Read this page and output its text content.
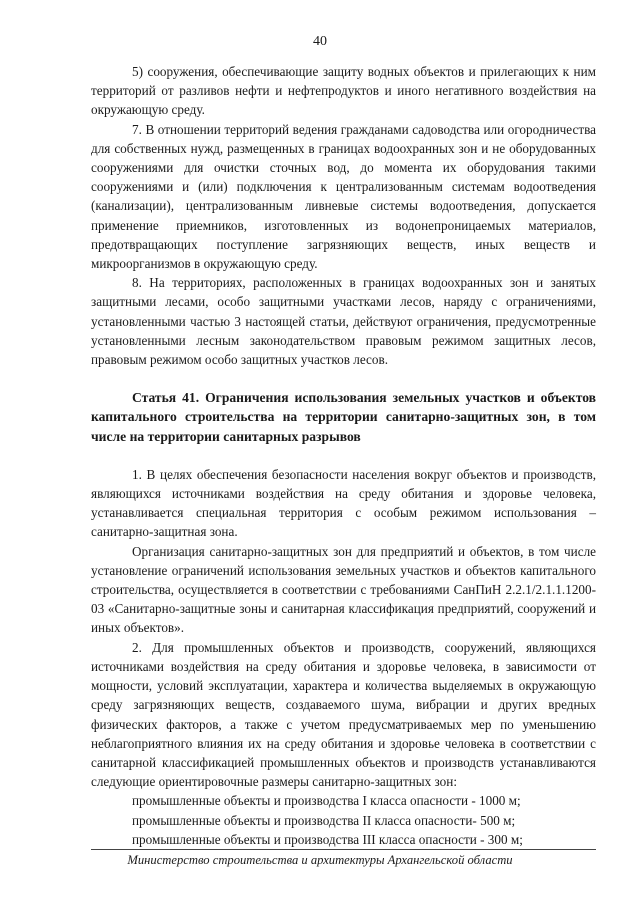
40

5) сооружения, обеспечивающие защиту водных объектов и прилегающих к ним территорий от разливов нефти и нефтепродуктов и иного негативного воздействия на окружающую среду.

7. В отношении территорий ведения гражданами садоводства или огородничества для собственных нужд, размещенных в границах водоохранных зон и не оборудованных сооружениями для очистки сточных вод, до момента их оборудования такими сооружениями и (или) подключения к централизованным системам водоотведения (канализации), централизованным ливневые системы водоотведения, допускается применение приемников, изготовленных из водонепроницаемых материалов, предотвращающих поступление загрязняющих веществ, иных веществ и микроорганизмов в окружающую среду.

8. На территориях, расположенных в границах водоохранных зон и занятых защитными лесами, особо защитными участками лесов, наряду с ограничениями, установленными частью 3 настоящей статьи, действуют ограничения, предусмотренные установленными лесным законодательством правовым режимом защитных лесов, правовым режимом особо защитных участков лесов.

Статья 41. Ограничения использования земельных участков и объектов капитального строительства на территории санитарно-защитных зон, в том числе на территории санитарных разрывов

1. В целях обеспечения безопасности населения вокруг объектов и производств, являющихся источниками воздействия на среду обитания и здоровье человека, устанавливается специальная территория с особым режимом использования – санитарно-защитная зона.

Организация санитарно-защитных зон для предприятий и объектов, в том числе установление ограничений использования земельных участков и объектов капитального строительства, осуществляется в соответствии с требованиями СанПиН 2.2.1/2.1.1.1200-03 «Санитарно-защитные зоны и санитарная классификация предприятий, сооружений и иных объектов».

2. Для промышленных объектов и производств, сооружений, являющихся источниками воздействия на среду обитания и здоровье человека, в зависимости от мощности, условий эксплуатации, характера и количества выделяемых в окружающую среду загрязняющих веществ, создаваемого шума, вибрации и других вредных физических факторов, а также с учетом предусматриваемых мер по уменьшению неблагоприятного влияния их на среду обитания и здоровье человека в соответствии с санитарной классификацией промышленных объектов и производств устанавливаются следующие ориентировочные размеры санитарно-защитных зон:

промышленные объекты и производства I класса опасности - 1000 м;

промышленные объекты и производства II класса опасности- 500 м;

промышленные объекты и производства III класса опасности - 300 м;

Министерство строительства и архитектуры Архангельской области
